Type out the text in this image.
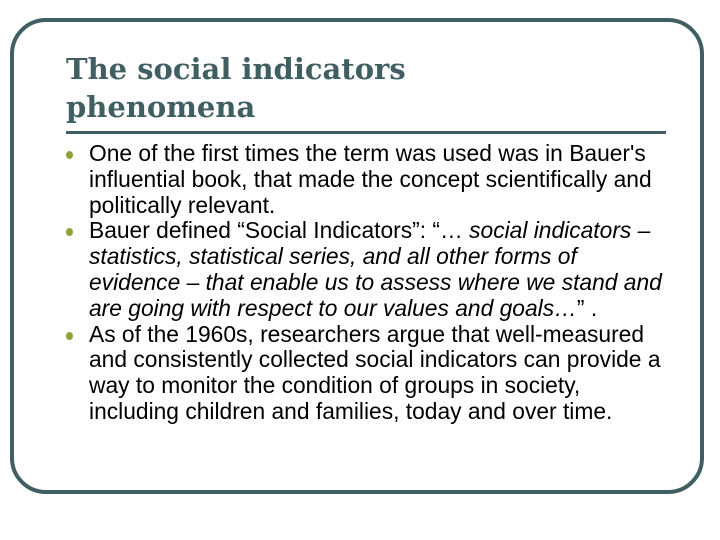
The social indicators
phenomena
One of the first times the term was used was in Bauer's influential book, that made the concept scientifically and politically relevant.
Bauer defined “Social Indicators”: “… social indicators – statistics, statistical series, and all other forms of evidence – that enable us to assess where we stand and are going with respect to our values and goals…” .
As of the 1960s, researchers argue that well-measured and consistently collected social indicators can provide a way to monitor the condition of groups in society, including children and families, today and over time.
